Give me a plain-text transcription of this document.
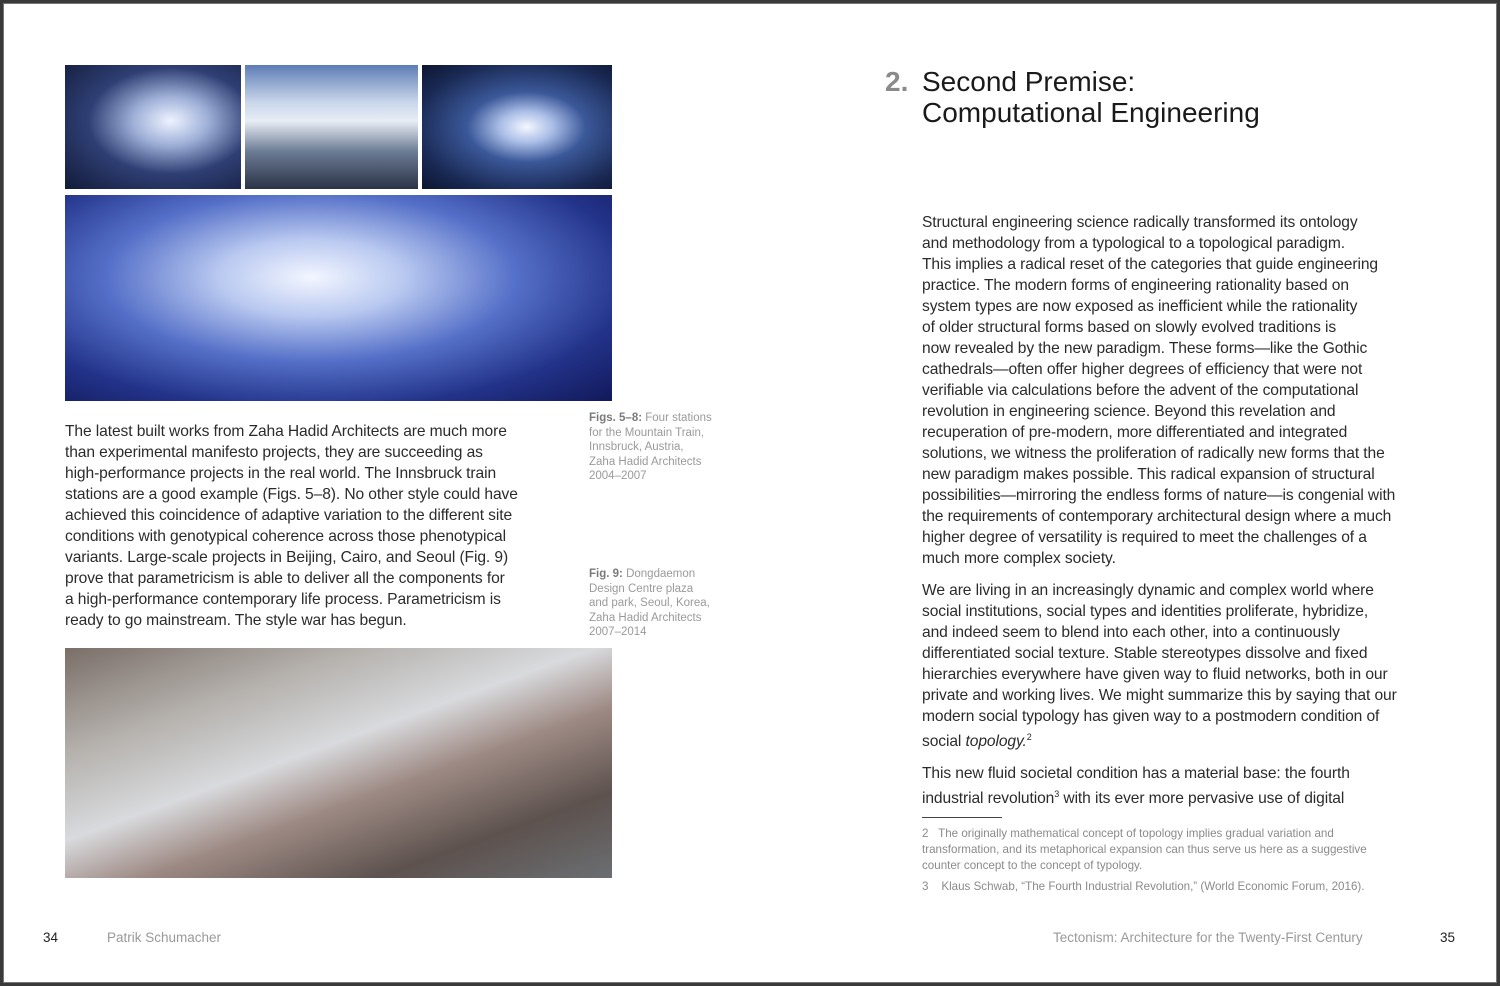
The latest built works from Zaha Hadid Architects are much more
than experimental manifesto projects, they are succeeding as
high-performance projects in the real world. The Innsbruck train
stations are a good example (Figs. 5–8). No other style could have
achieved this coincidence of adaptive variation to the different site
conditions with genotypical coherence across those phenotypical
variants. Large-scale projects in Beijing, Cairo, and Seoul (Fig. 9)
prove that parametricism is able to deliver all the components for
a high-performance contemporary life process. Parametricism is
ready to go mainstream. The style war has begun.
Figs. 5–8: Four stations
for the Mountain Train,
Innsbruck, Austria,
Zaha Hadid Architects
2004–2007
Fig. 9: Dongdaemon
Design Centre plaza
and park, Seoul, Korea,
Zaha Hadid Architects
2007–2014
2. Second Premise:
Computational Engineering
Structural engineering science radically transformed its ontology
and methodology from a typological to a topological paradigm.
This implies a radical reset of the categories that guide engineering
practice. The modern forms of engineering rationality based on
system types are now exposed as inefficient while the rationality
of older structural forms based on slowly evolved traditions is
now revealed by the new paradigm. These forms—like the Gothic
cathedrals—often offer higher degrees of efficiency that were not
verifiable via calculations before the advent of the computational
revolution in engineering science. Beyond this revelation and
recuperation of pre-modern, more differentiated and integrated
solutions, we witness the proliferation of radically new forms that the
new paradigm makes possible. This radical expansion of structural
possibilities—mirroring the endless forms of nature—is congenial with
the requirements of contemporary architectural design where a much
higher degree of versatility is required to meet the challenges of a
much more complex society.
We are living in an increasingly dynamic and complex world where
social institutions, social types and identities proliferate, hybridize,
and indeed seem to blend into each other, into a continuously
differentiated social texture. Stable stereotypes dissolve and fixed
hierarchies everywhere have given way to fluid networks, both in our
private and working lives. We might summarize this by saying that our
modern social typology has given way to a postmodern condition of
social topology.$^2$
This new fluid societal condition has a material base: the fourth
industrial revolution$^3$ with its ever more pervasive use of digital
2 The originally mathematical concept of topology implies gradual variation and
transformation, and its metaphorical expansion can thus serve us here as a suggestive
counter concept to the concept of typology.
3 Klaus Schwab, “The Fourth Industrial Revolution,” (World Economic Forum, 2016).
34	Patrik Schumacher	Tectonism: Architecture for the Twenty-First Century	35
